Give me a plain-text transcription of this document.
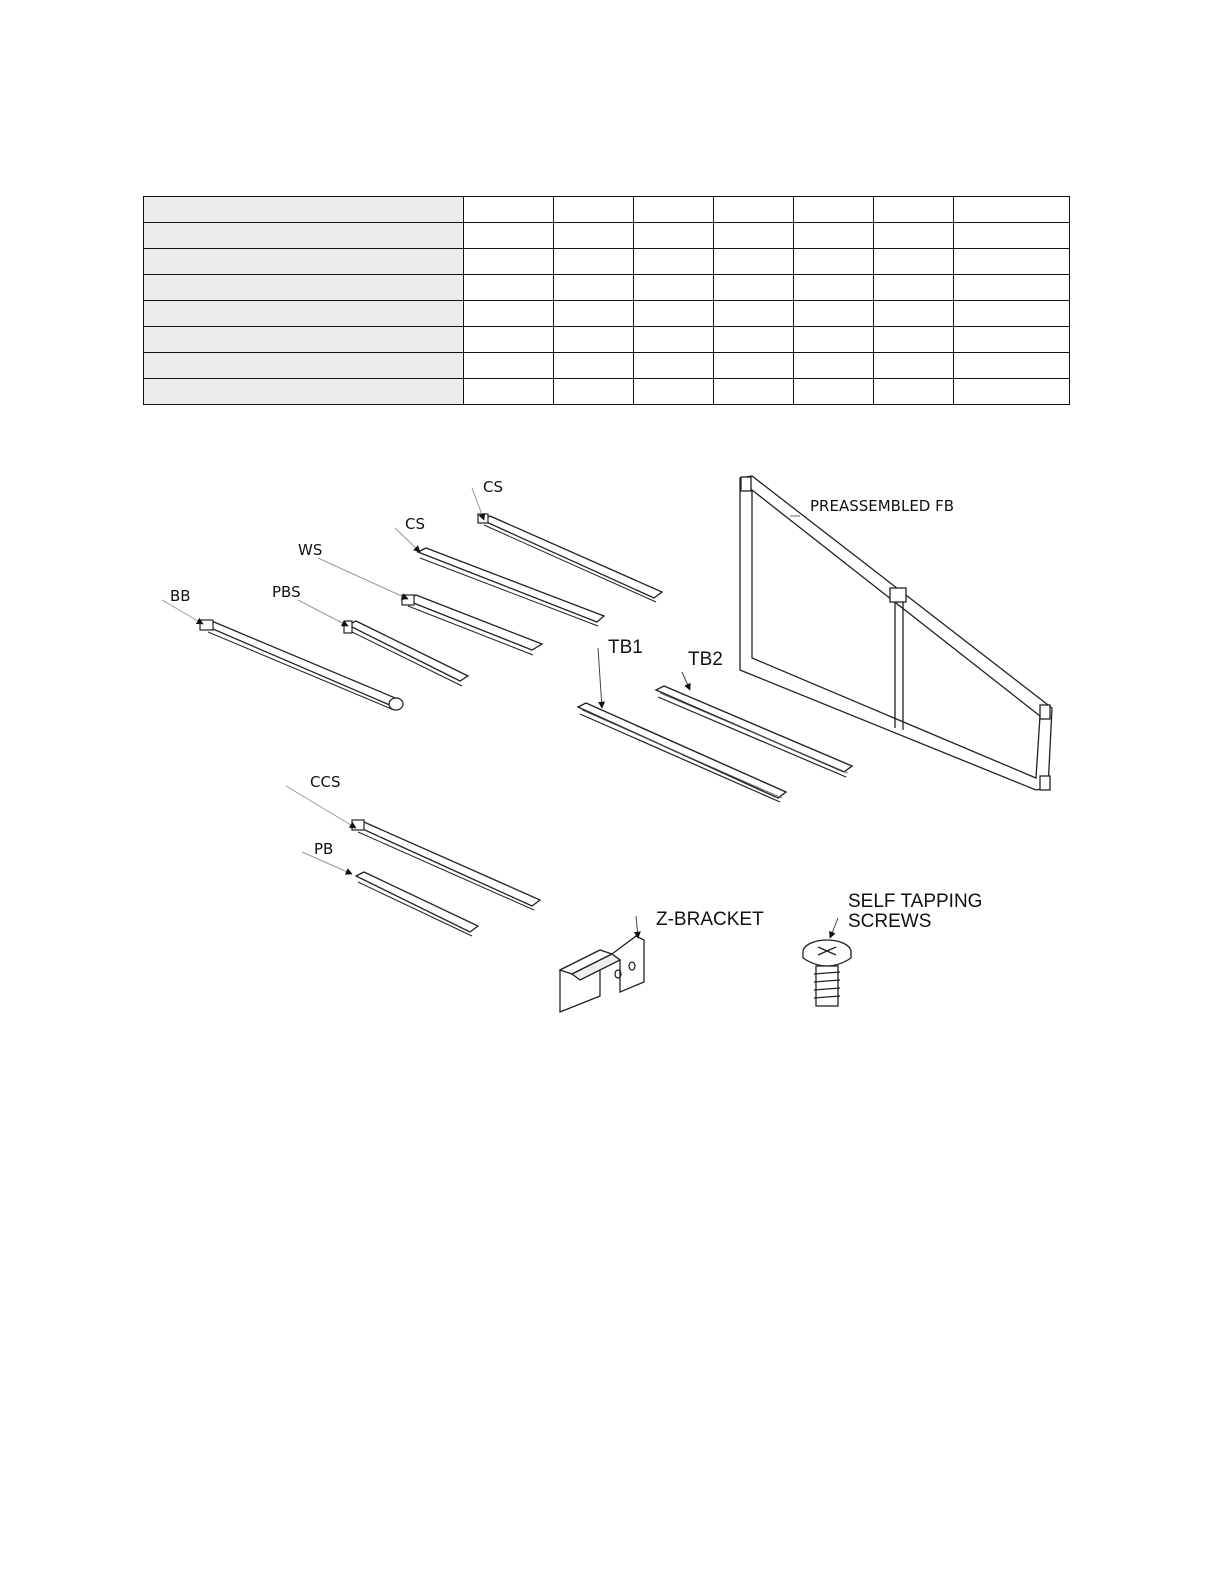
CS
CS
WS
PBS
BB
TB1
TB2
PREASSEMBLED FB
CCS
PB
Z-BRACKET
SELF TAPPING
SCREWS
